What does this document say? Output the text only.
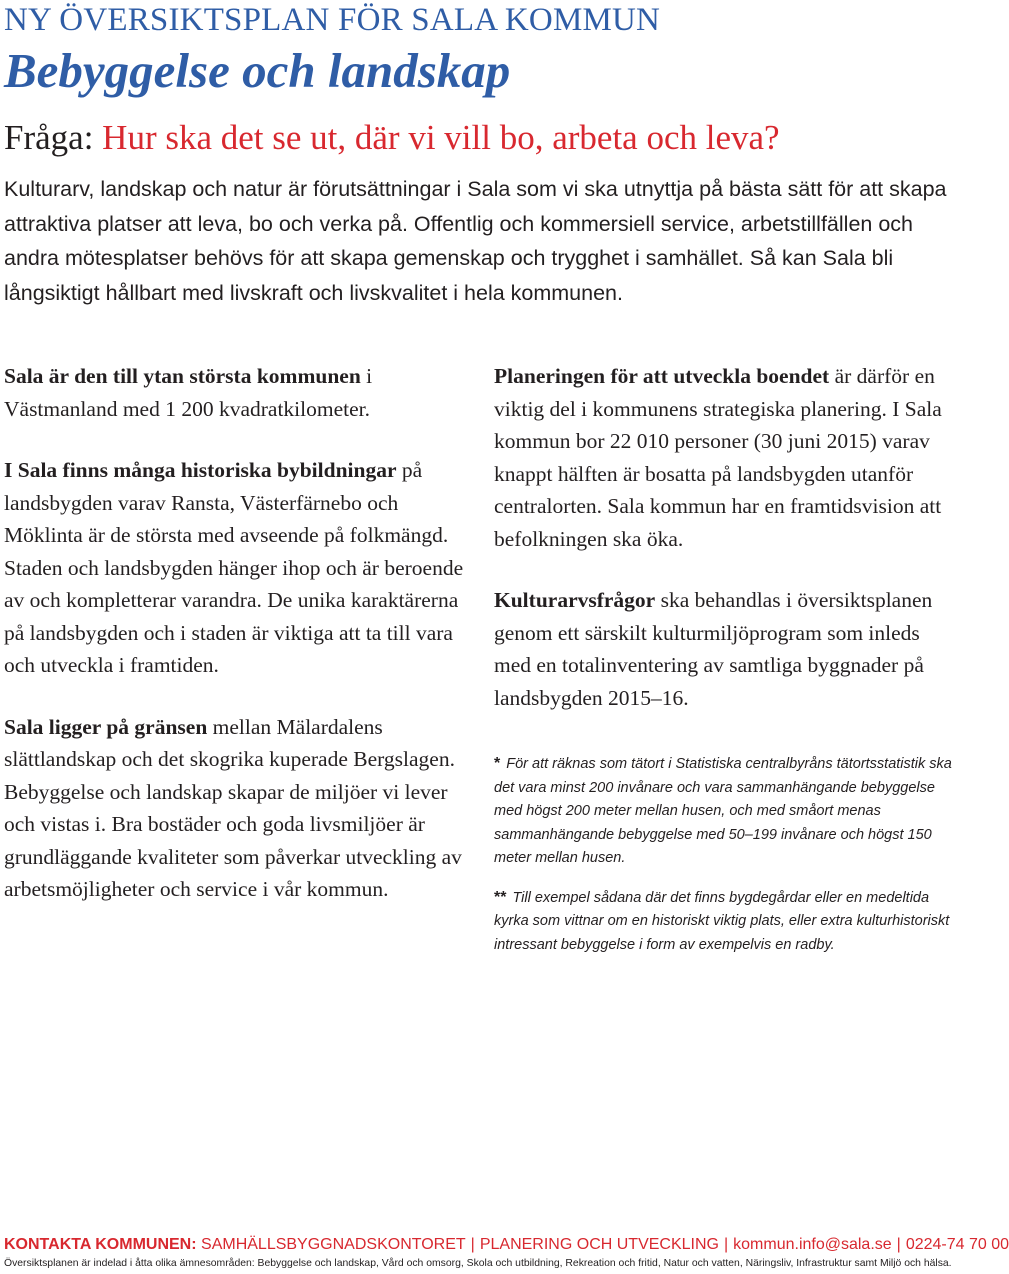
NY ÖVERSIKTSPLAN FÖR SALA KOMMUN
Bebyggelse och landskap
Fråga: Hur ska det se ut, där vi vill bo, arbeta och leva?
Kulturarv, landskap och natur är förutsättningar i Sala som vi ska utnyttja på bästa sätt för att skapa attraktiva platser att leva, bo och verka på. Offentlig och kommersiell service, arbetstillfällen och andra mötesplatser behövs för att skapa gemenskap och trygghet i samhället. Så kan Sala bli långsiktigt hållbart med livskraft och livskvalitet i hela kommunen.

Sala är den till ytan största kommunen i Västmanland med 1 200 kvadratkilometer.

I Sala finns många historiska bybildningar på landsbygden varav Ransta, Västerfärnebo och Möklinta är de största med avseende på folkmängd. Staden och landsbygden hänger ihop och är beroende av och kompletterar varandra. De unika karaktärerna på landsbygden och i staden är viktiga att ta till vara och utveckla i framtiden.

Sala ligger på gränsen mellan Mälardalens slättlandskap och det skogrika kuperade Bergslagen. Bebyggelse och landskap skapar de miljöer vi lever och vistas i. Bra bostäder och goda livsmiljöer är grundläggande kvaliteter som påverkar utveckling av arbetsmöjligheter och service i vår kommun.

Planeringen för att utveckla boendet är därför en viktig del i kommunens strategiska planering. I Sala kommun bor 22 010 personer (30 juni 2015) varav knappt hälften är bosatta på landsbygden utanför centralorten. Sala kommun har en framtidsvision att befolkningen ska öka.

Kulturarvsfrågor ska behandlas i översiktsplanen genom ett särskilt kulturmiljöprogram som inleds med en totalinventering av samtliga byggnader på landsbygden 2015–16.

* För att räknas som tätort i Statistiska centralbyråns tätortsstatistik ska det vara minst 200 invånare och vara sammanhängande bebyggelse med högst 200 meter mellan husen, och med småort menas sammanhängande bebyggelse med 50–199 invånare och högst 150 meter mellan husen.
** Till exempel sådana där det finns bygdegårdar eller en medeltida kyrka som vittnar om en historiskt viktig plats, eller extra kulturhistoriskt intressant bebyggelse i form av exempelvis en radby.
KONTAKTA KOMMUNEN: SAMHÄLLSBYGGNADSKONTORET | PLANERING OCH UTVECKLING | kommun.info@sala.se | 0224-74 70 00
Översiktsplanen är indelad i åtta olika ämnesområden: Bebyggelse och landskap, Vård och omsorg, Skola och utbildning, Rekreation och fritid, Natur och vatten, Näringsliv, Infrastruktur samt Miljö och hälsa.
